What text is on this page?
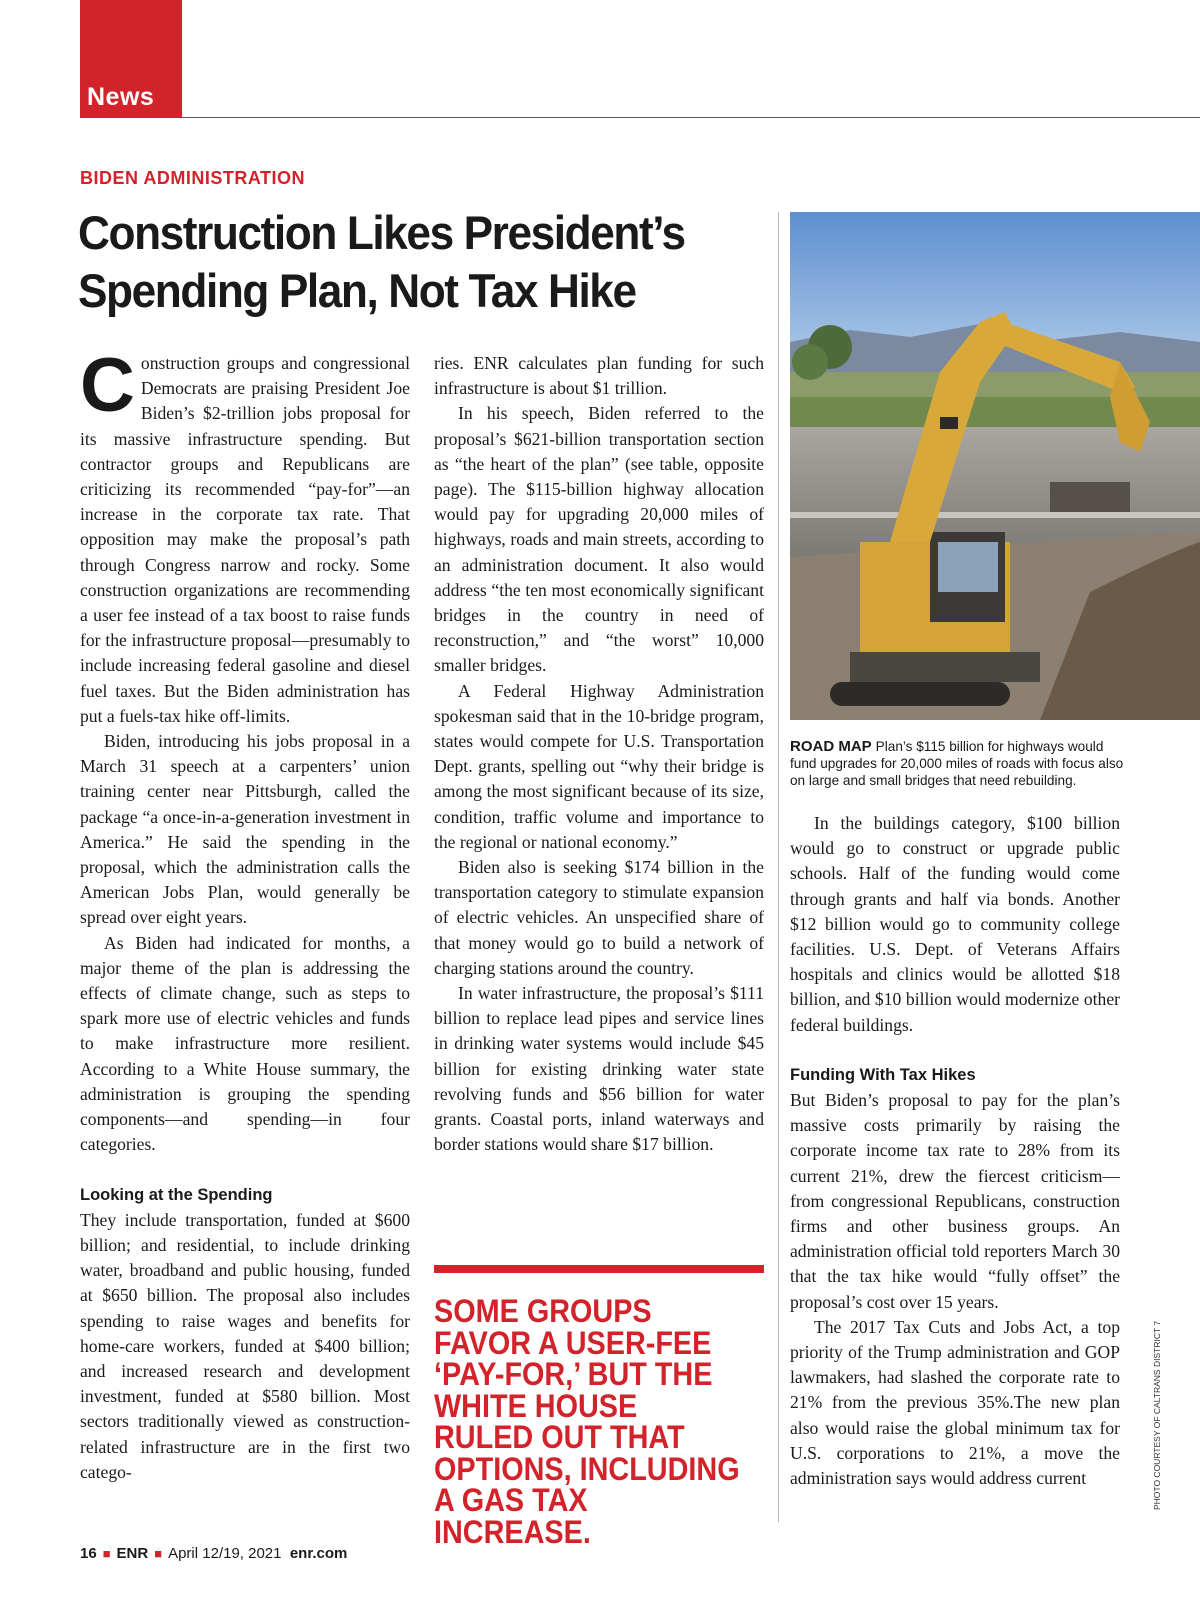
News
BIDEN ADMINISTRATION
Construction Likes President’s Spending Plan, Not Tax Hike

Construction groups and congressional Democrats are praising President Joe Biden’s $2-trillion jobs proposal for its massive infrastructure spending. But contractor groups and Republicans are criticizing its recommended “pay-for”—an increase in the corporate tax rate. That opposition may make the proposal’s path through Congress narrow and rocky. Some construction organizations are recommending a user fee instead of a tax boost to raise funds for the infrastructure proposal—presumably to include increasing federal gasoline and diesel fuel taxes. But the Biden administration has put a fuels-tax hike off-limits.

Biden, introducing his jobs proposal in a March 31 speech at a carpenters’ union training center near Pittsburgh, called the package “a once-in-a-generation investment in America.” He said the spending in the proposal, which the administration calls the American Jobs Plan, would generally be spread over eight years.

As Biden had indicated for months, a major theme of the plan is addressing the effects of climate change, such as steps to spark more use of electric vehicles and funds to make infrastructure more resilient. According to a White House summary, the administration is grouping the spending components—and spending—in four categories.

Looking at the Spending

They include transportation, funded at $600 billion; and residential, to include drinking water, broadband and public housing, funded at $650 billion. The proposal also includes spending to raise wages and benefits for home-care workers, funded at $400 billion; and increased research and development investment, funded at $580 billion. Most sectors traditionally viewed as construction-related infrastructure are in the first two catego-

ries. ENR calculates plan funding for such infrastructure is about $1 trillion.

In his speech, Biden referred to the proposal’s $621-billion transportation section as “the heart of the plan” (see table, opposite page). The $115-billion highway allocation would pay for upgrading 20,000 miles of highways, roads and main streets, according to an administration document. It also would address “the ten most economically significant bridges in the country in need of reconstruction,” and “the worst” 10,000 smaller bridges.

A Federal Highway Administration spokesman said that in the 10-bridge program, states would compete for U.S. Transportation Dept. grants, spelling out “why their bridge is among the most significant because of its size, condition, traffic volume and importance to the regional or national economy.”

Biden also is seeking $174 billion in the transportation category to stimulate expansion of electric vehicles. An unspecified share of that money would go to build a network of charging stations around the country.

In water infrastructure, the proposal’s $111 billion to replace lead pipes and service lines in drinking water systems would include $45 billion for existing drinking water state revolving funds and $56 billion for water grants. Coastal ports, inland waterways and border stations would share $17 billion.

SOME GROUPS FAVOR A USER-FEE ‘PAY-FOR,’ BUT THE WHITE HOUSE RULED OUT THAT OPTIONS, INCLUDING A GAS TAX INCREASE.

ROAD MAP Plan’s $115 billion for highways would fund upgrades for 20,000 miles of roads with focus also on large and small bridges that need rebuilding.

In the buildings category, $100 billion would go to construct or upgrade public schools. Half of the funding would come through grants and half via bonds. Another $12 billion would go to community college facilities. U.S. Dept. of Veterans Affairs hospitals and clinics would be allotted $18 billion, and $10 billion would modernize other federal buildings.

Funding With Tax Hikes

But Biden’s proposal to pay for the plan’s massive costs primarily by raising the corporate income tax rate to 28% from its current 21%, drew the fiercest criticism—from congressional Republicans, construction firms and other business groups. An administration official told reporters March 30 that the tax hike would “fully offset” the proposal’s cost over 15 years.

The 2017 Tax Cuts and Jobs Act, a top priority of the Trump administration and GOP lawmakers, had slashed the corporate rate to 21% from the previous 35%.The new plan also would raise the global minimum tax for U.S. corporations to 21%, a move the administration says would address current	PHOTO COURTESY OF CALTRANS DISTRICT 7
16 ■ ENR ■ April 12/19, 2021 enr.com
